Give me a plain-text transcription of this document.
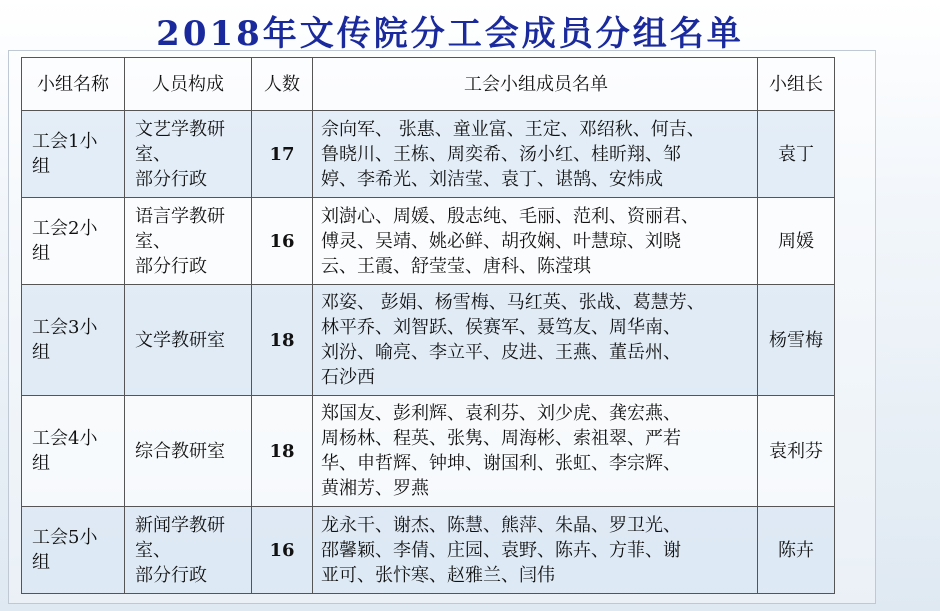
2018年文传院分工会成员分组名单
小组名称	人员构成	人数	工会小组成员名单	小组长

工会1小
组	文艺学教研
室、
部分行政	17	佘向军、 张惠、童业富、王定、邓绍秋、何吉、
鲁晓川、王栋、周奕希、汤小红、桂昕翔、邹
婷、李希光、刘洁莹、袁丁、谌鹄、安炜成	袁丁

工会2小
组	语言学教研
室、
部分行政	16	刘澍心、周媛、殷志纯、毛丽、范利、资丽君、
傅灵、吴靖、姚必鲜、胡孜娴、叶慧琼、刘晓
云、王霞、舒莹莹、唐科、陈滢琪	周媛

工会3小
组	文学教研室	18	邓姿、 彭娟、杨雪梅、马红英、张战、葛慧芳、
林平乔、刘智跃、侯赛军、聂笃友、周华南、
刘汾、喻亮、李立平、皮进、王燕、董岳州、
石沙西	杨雪梅

工会4小
组	综合教研室	18	郑国友、彭利辉、袁利芬、刘少虎、龚宏燕、
周杨林、程英、张隽、周海彬、索祖翠、严若
华、申哲辉、钟坤、谢国利、张虹、李宗辉、
黄湘芳、罗燕	袁利芬

工会5小
组	新闻学教研
室、
部分行政	16	龙永干、谢杰、陈慧、熊萍、朱晶、罗卫光、
邵馨颖、李倩、庄园、袁野、陈卉、方菲、谢
亚可、张忭寒、赵雅兰、闫伟	陈卉
